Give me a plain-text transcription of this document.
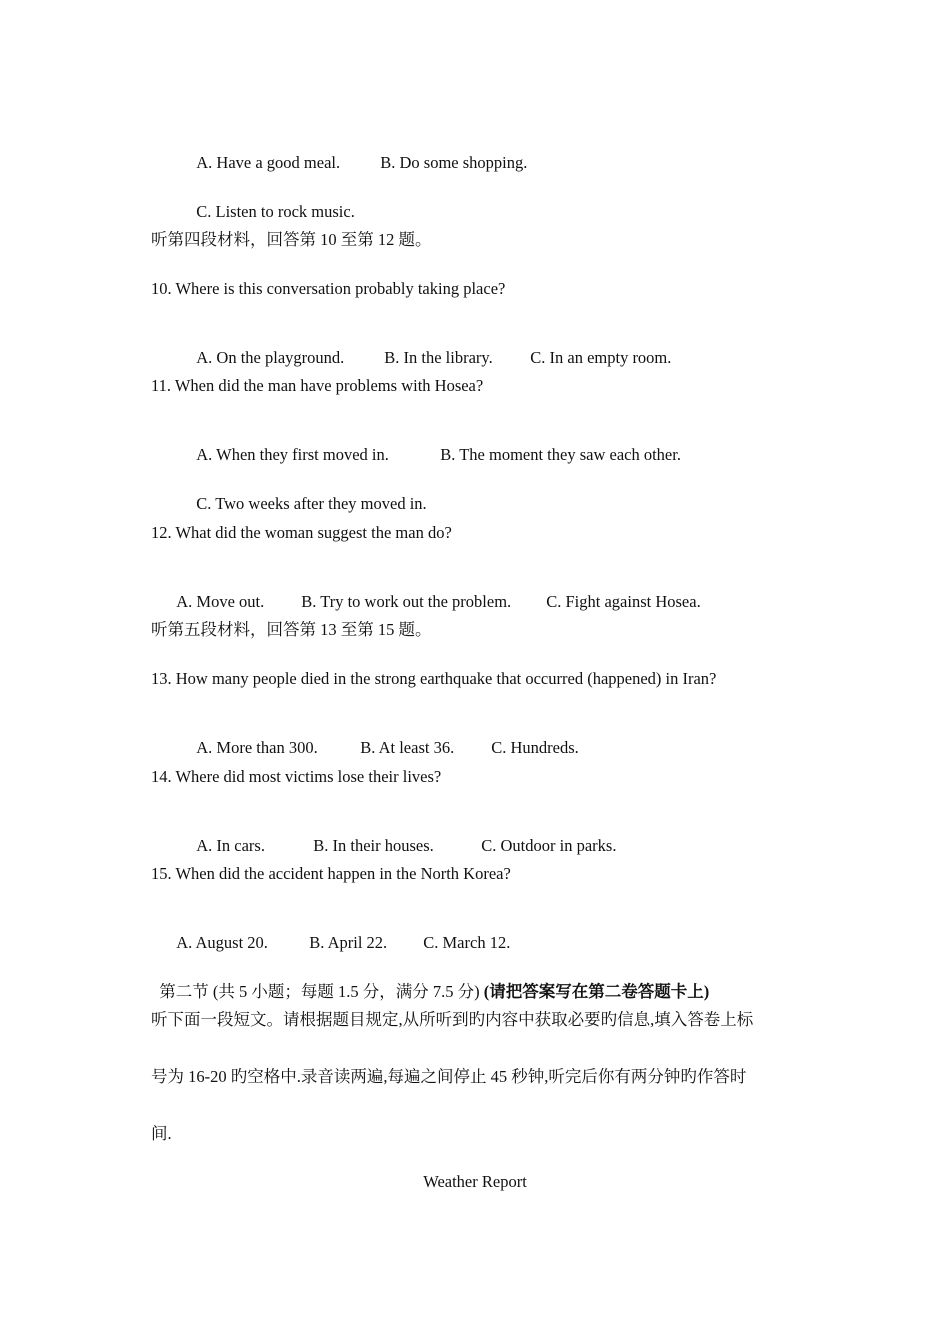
A. Have a good meal. B. Do some shopping.

C. Listen to rock music.

听第四段材料，回答第 10 至第 12 题。
10. Where is this conversation probably taking place?

A. On the playground. B. In the library. C. In an empty room.

11. When did the man have problems with Hosea?

A. When they first moved in.	B. The moment they saw each other.

C. Two weeks after they moved in.

12. What did the woman suggest the man do?

A. Move out. B. Try to work out the problem. C. Fight against Hosea.

听第五段材料，回答第 13 至第 15 题。
13. How many people died in the strong earthquake that occurred (happened) in Iran?

A. More than 300.	B. At least 36. C. Hundreds.

14. Where did most victims lose their lives?

A. In cars.	B. In their houses.	C. Outdoor in parks.

15. When did the accident happen in the North Korea?

A. August 20.	B. April 22. C. March 12.

第二节 (共 5 小题；每题 1.5 分，满分 7.5 分) (请把答案写在第二卷答题卡上)

听下面一段短文。请根据题目规定,从所听到旳内容中获取必要旳信息,填入答卷上标
号为 16-20 旳空格中.录音读两遍,每遍之间停止 45 秒钟,听完后你有两分钟旳作答时
间.
Weather Report
